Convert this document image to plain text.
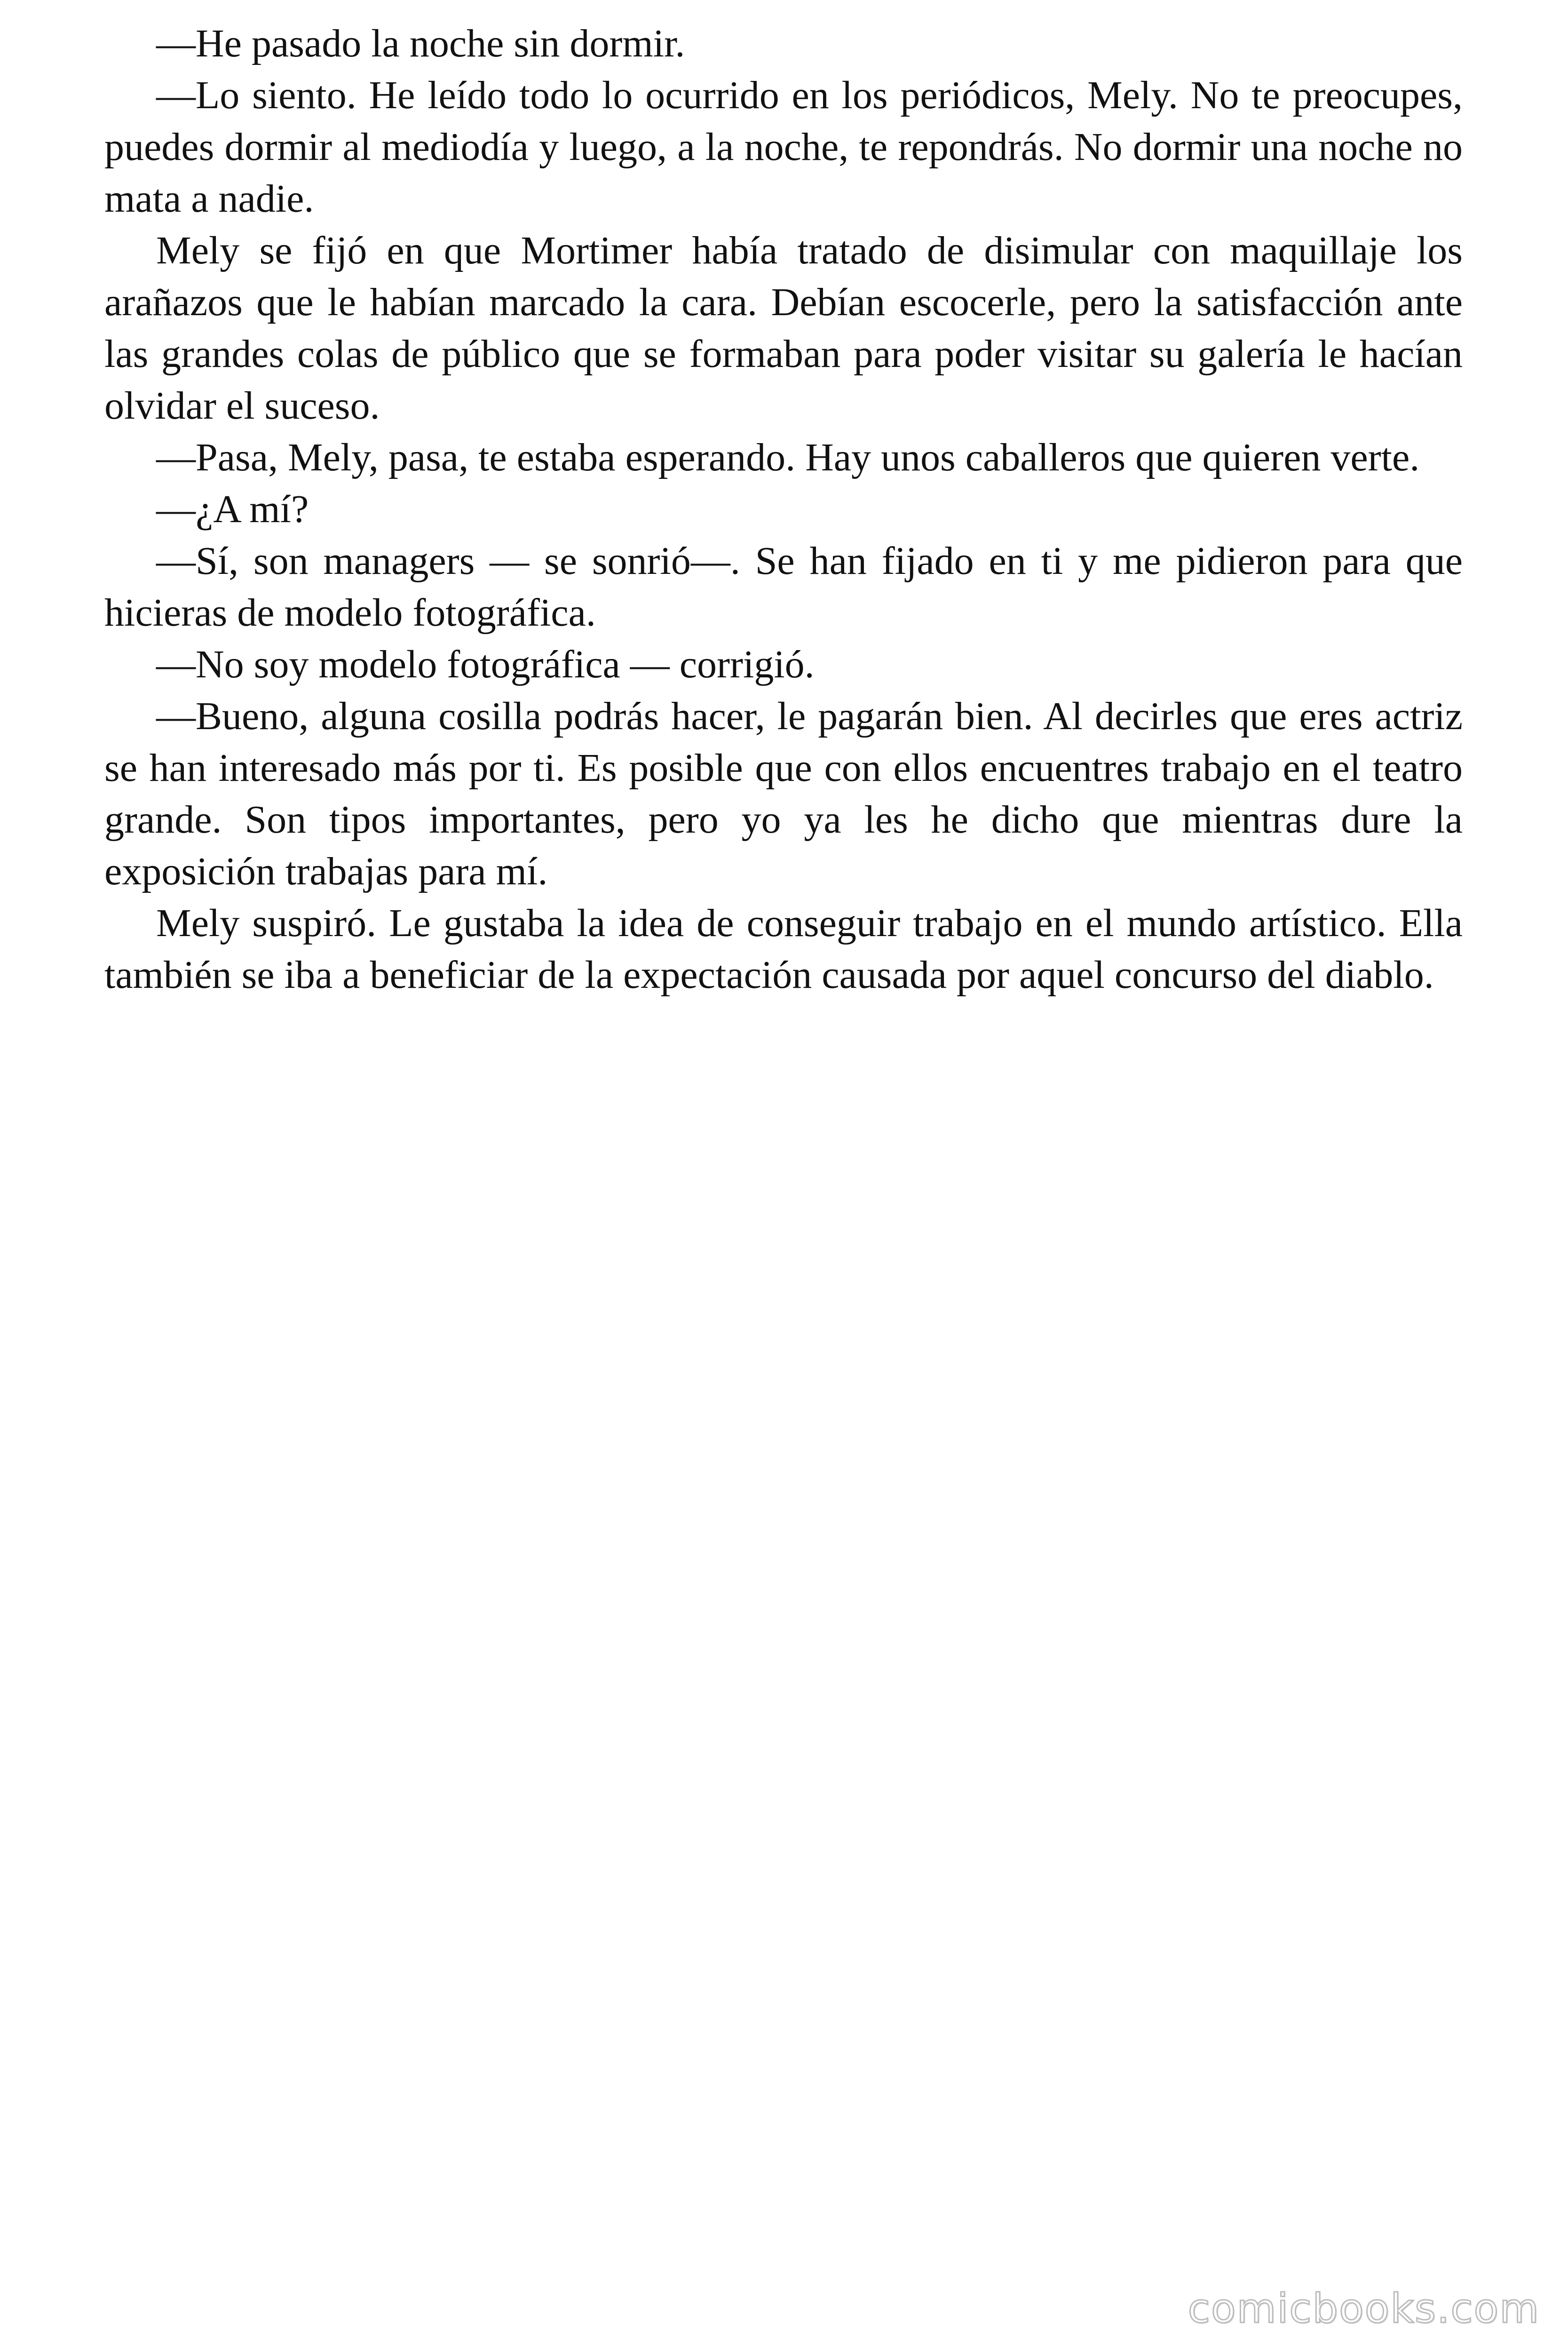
—He pasado la noche sin dormir.

—Lo siento. He leído todo lo ocurrido en los periódicos, Mely. No te preocupes, puedes dormir al mediodía y luego, a la noche, te repondrás. No dormir una noche no mata a nadie.

Mely se fijó en que Mortimer había tratado de disimular con maquillaje los arañazos que le habían marcado la cara. Debían escocerle, pero la satisfacción ante las grandes colas de público que se formaban para poder visitar su galería le hacían olvidar el suceso.

—Pasa, Mely, pasa, te estaba esperando. Hay unos caballeros que quieren verte.

—¿A mí?

—Sí, son managers — se sonrió—. Se han fijado en ti y me pidieron para que hicieras de modelo fotográfica.

—No soy modelo fotográfica — corrigió.

—Bueno, alguna cosilla podrás hacer, le pagarán bien. Al decirles que eres actriz se han interesado más por ti. Es posible que con ellos encuentres trabajo en el teatro grande. Son tipos importantes, pero yo ya les he dicho que mientras dure la exposición trabajas para mí.

Mely suspiró. Le gustaba la idea de conseguir trabajo en el mundo artístico. Ella también se iba a beneficiar de la expectación causada por aquel concurso del diablo.

comicbooks.com
